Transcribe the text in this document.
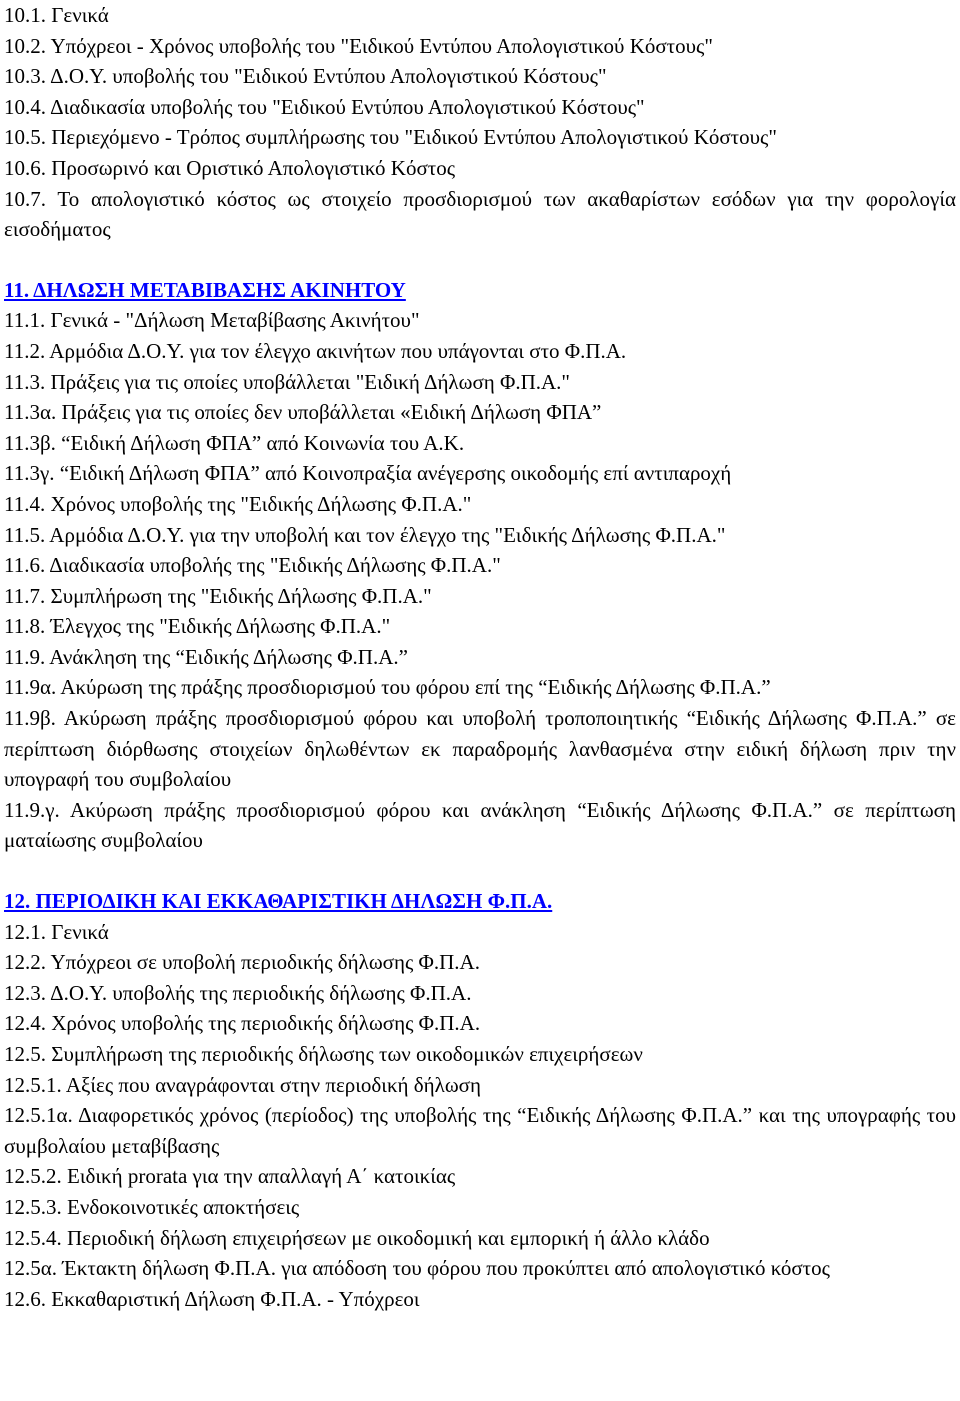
10.1. Γενικά

10.2. Υπόχρεοι - Χρόνος υποβολής του "Ειδικού Εντύπου Απολογιστικού Κόστους"

10.3. Δ.Ο.Υ. υποβολής του "Ειδικού Εντύπου Απολογιστικού Κόστους"

10.4. Διαδικασία υποβολής του "Ειδικού Εντύπου Απολογιστικού Κόστους"

10.5. Περιεχόμενο - Τρόπος συμπλήρωσης του "Ειδικού Εντύπου Απολογιστικού Κόστους"

10.6. Προσωρινό και Οριστικό Απολογιστικό Κόστος

10.7. Το απολογιστικό κόστος ως στοιχείο προσδιορισμού των ακαθαρίστων εσόδων για την φορολογία εισοδήματος

11. ΔΗΛΩΣΗ ΜΕΤΑΒΙΒΑΣΗΣ ΑΚΙΝΗΤΟΥ

11.1. Γενικά - "Δήλωση Μεταβίβασης Ακινήτου"

11.2. Αρμόδια Δ.Ο.Υ. για τον έλεγχο ακινήτων που υπάγονται στο Φ.Π.Α.

11.3. Πράξεις για τις οποίες υποβάλλεται "Ειδική Δήλωση Φ.Π.Α."

11.3α. Πράξεις για τις οποίες δεν υποβάλλεται «Ειδική Δήλωση ΦΠΑ”

11.3β. “Ειδική Δήλωση ΦΠΑ” από Κοινωνία του Α.Κ.

11.3γ. “Ειδική Δήλωση ΦΠΑ” από Κοινοπραξία ανέγερσης οικοδομής επί αντιπαροχή

11.4. Χρόνος υποβολής της "Ειδικής Δήλωσης Φ.Π.Α."

11.5. Αρμόδια Δ.Ο.Υ. για την υποβολή και τον έλεγχο της "Ειδικής Δήλωσης Φ.Π.Α."

11.6. Διαδικασία υποβολής της "Ειδικής Δήλωσης Φ.Π.Α."

11.7. Συμπλήρωση της "Ειδικής Δήλωσης Φ.Π.Α."

11.8. Έλεγχος της "Ειδικής Δήλωσης Φ.Π.Α."

11.9. Ανάκληση της “Ειδικής Δήλωσης Φ.Π.Α.”

11.9α. Ακύρωση της πράξης προσδιορισμού του φόρου επί της “Ειδικής Δήλωσης Φ.Π.Α.”

11.9β. Ακύρωση πράξης προσδιορισμού φόρου και υποβολή τροποποιητικής “Ειδικής Δήλωσης Φ.Π.Α.” σε περίπτωση διόρθωσης στοιχείων δηλωθέντων εκ παραδρομής λανθασμένα στην ειδική δήλωση πριν την υπογραφή του συμβολαίου

11.9.γ. Ακύρωση πράξης προσδιορισμού φόρου και ανάκληση “Ειδικής Δήλωσης Φ.Π.Α.” σε περίπτωση ματαίωσης συμβολαίου

12. ΠΕΡΙΟΔΙΚΗ ΚΑΙ ΕΚΚΑΘΑΡΙΣΤΙΚΗ ΔΗΛΩΣΗ Φ.Π.Α.

12.1. Γενικά

12.2. Υπόχρεοι σε υποβολή περιοδικής δήλωσης Φ.Π.Α.

12.3. Δ.Ο.Υ. υποβολής της περιοδικής δήλωσης Φ.Π.Α.

12.4. Χρόνος υποβολής της περιοδικής δήλωσης Φ.Π.Α.

12.5. Συμπλήρωση της περιοδικής δήλωσης των οικοδομικών επιχειρήσεων

12.5.1. Αξίες που αναγράφονται στην περιοδική δήλωση

12.5.1α. Διαφορετικός χρόνος (περίοδος) της υποβολής της “Ειδικής Δήλωσης Φ.Π.Α.” και της υπογραφής του συμβολαίου μεταβίβασης

12.5.2. Ειδική prorata για την απαλλαγή Α΄ κατοικίας

12.5.3. Ενδοκοινοτικές αποκτήσεις

12.5.4. Περιοδική δήλωση επιχειρήσεων με οικοδομική και εμπορική ή άλλο κλάδο

12.5α. Έκτακτη δήλωση Φ.Π.Α. για απόδοση του φόρου που προκύπτει από απολογιστικό κόστος

12.6. Εκκαθαριστική Δήλωση Φ.Π.Α. - Υπόχρεοι
